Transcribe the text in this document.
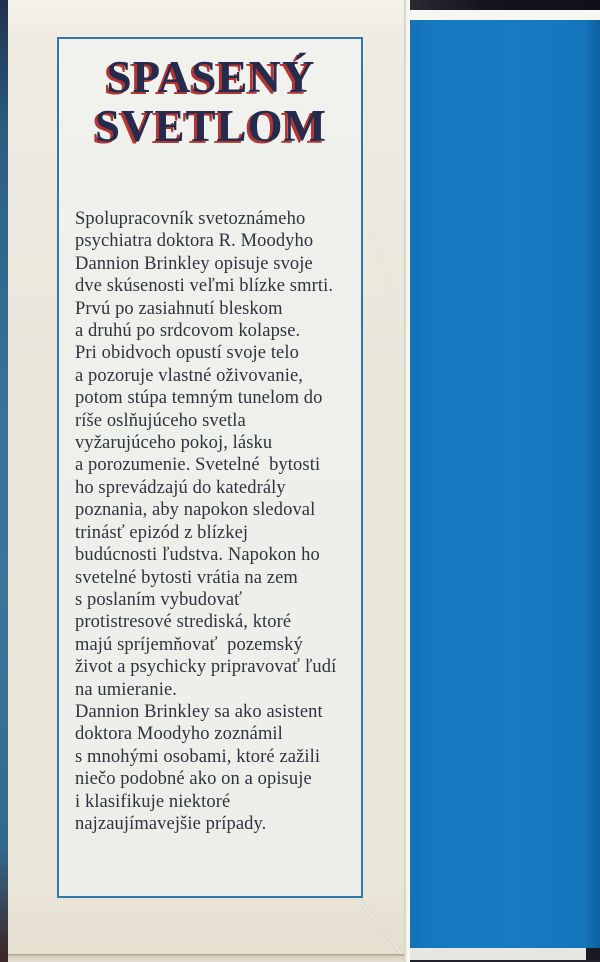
SPASENÝ
SVETLOM
Spolupracovník svetoznámeho
psychiatra doktora R. Moodyho
Dannion Brinkley opisuje svoje
dve skúsenosti veľmi blízke smrti.
Prvú po zasiahnutí bleskom
a druhú po srdcovom kolapse.
Pri obidvoch opustí svoje telo
a pozoruje vlastné oživovanie,
potom stúpa temným tunelom do
ríše oslňujúceho svetla
vyžarujúceho pokoj, lásku
a porozumenie. Svetelné  bytosti
ho sprevádzajú do katedrály
poznania, aby napokon sledoval
trinásť epizód z blízkej
budúcnosti ľudstva. Napokon ho
svetelné bytosti vrátia na zem
s poslaním vybudovať
protistresové strediská, ktoré
majú spríjemňovať  pozemský
život a psychicky pripravovať ľudí
na umieranie.
Dannion Brinkley sa ako asistent
doktora Moodyho zoznámil
s mnohými osobami, ktoré zažili
niečo podobné ako on a opisuje
i klasifikuje niektoré
najzaujímavejšie prípady.
